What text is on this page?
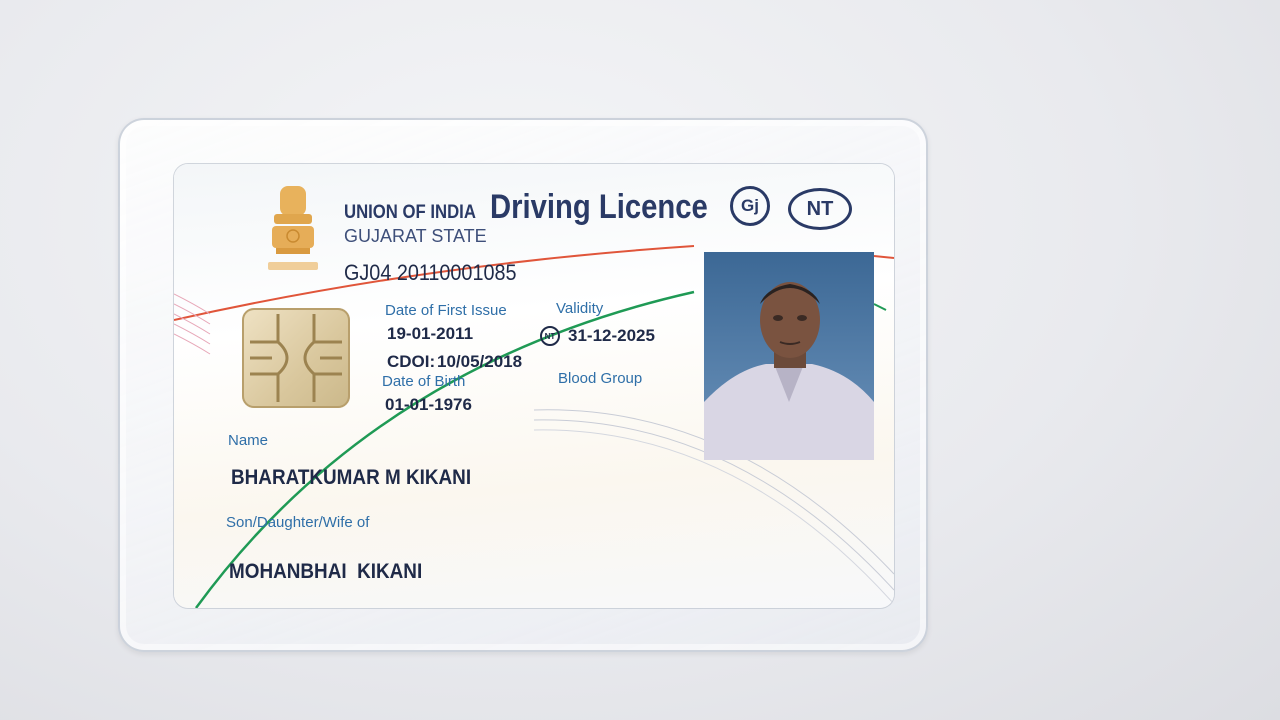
UNION OF INDIA Driving Licence
GUJARAT STATE
Gj	NT
GJ04 20110001085
Date of First Issue
19-01-2011
Validity
NT 31-12-2025
CDOI: 10/05/2018
Date of Birth
01-01-1976
Blood Group
Name
BHARATKUMAR M KIKANI
Son/Daughter/Wife of
MOHANBHAI  KIKANI
